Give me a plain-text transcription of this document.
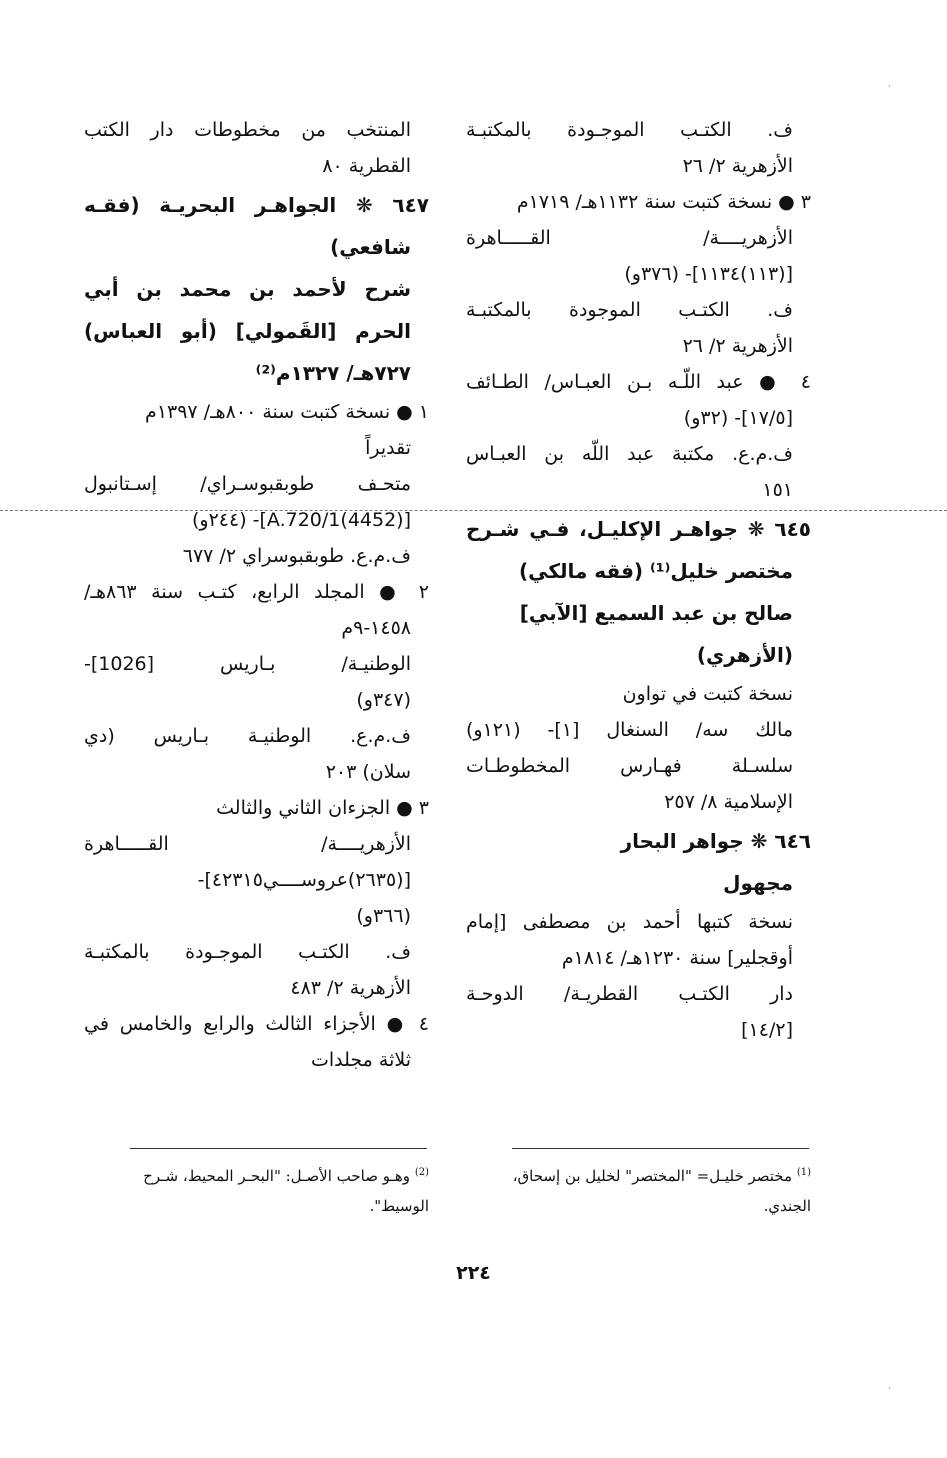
ف. الكتـب الموجـودة بالمكتبـة
الأزهرية ٢/ ٢٦
٣ ● نسخة كتبت سنة ١١٣٢هـ/ ١٧١٩م
الأزهريــــة/ القـــــاهرة
[(١١٣)١١٣٤]- (٣٧٦و)
ف. الكتـب الموجودة بالمكتبـة
الأزهرية ٢/ ٢٦
٤ ● عبد اللّـه بـن العبـاس/ الطـائف
[١٧/٥]- (٣٢و)
ف.م.ع. مكتبة عبد اللّه بن العبـاس
١٥١
٦٤٥ ❋ جواهـر الإكليـل، فـي شـرح
مختصر خليل⁽¹⁾ (فقه مالكي)
صالح بن عبد السميع [الآبي]
(الأزهري)
نسخة كتبت في تواون
مالك سه/ السنغال [١]- (١٢١و)
سلسـلة فهـارس المخطوطـات
الإسلامية ٨/ ٢٥٧
٦٤٦ ❋ جواهر البحار
مجهول
نسخة كتبها أحمد بن مصطفى [إمام
أوقجلير] سنة ١٢٣٠هـ/ ١٨١٤م
دار الكتـب القطريـة/ الدوحـة
[١٤/٢]
المنتخب من مخطوطات دار الكتب
القطرية ٨٠
٦٤٧ ❋ الجواهـر البحريـة (فقـه
شافعي)
شرح لأحمد بن محمد بن أبي
الحرم [القَمولي] (أبو العباس)
٧٢٧هـ/ ١٣٢٧م⁽²⁾
١ ● نسخة كتبت سنة ٨٠٠هـ/ ١٣٩٧م
تقديراً
متحـف طوبقبوسـراي/ إسـتانبول
[(4452)A.720/1]- (٢٤٤و)
ف.م.ع. طوبقبوسراي ٢/ ٦٧٧
٢ ● المجلد الرابع، كتـب سنة ٨٦٣هـ/
١٤٥٨-٩م
الوطنيـة/ بـاريس [1026]-
(٣٤٧و)
ف.م.ع. الوطنيـة بـاريس (دي
سلان) ٢٠٣
٣ ● الجزءان الثاني والثالث
الأزهريــــة/ القـــــاهرة
[(٢٦٣٥)عروســــي٤٢٣١٥]-
(٣٦٦و)
ف. الكتـب الموجـودة بالمكتبـة
الأزهرية ٢/ ٤٨٣
٤ ● الأجزاء الثالث والرابع والخامس في
ثلاثة مجلدات

$^{(1)}$ مختصر خليـل= "المختصر" لخليل بن إسحاق،

الجندي.

$^{(2)}$ وهـو صاحب الأصـل: "البحـر المحيط، شـرح

الوسيط".

٢٢٤
·
·
